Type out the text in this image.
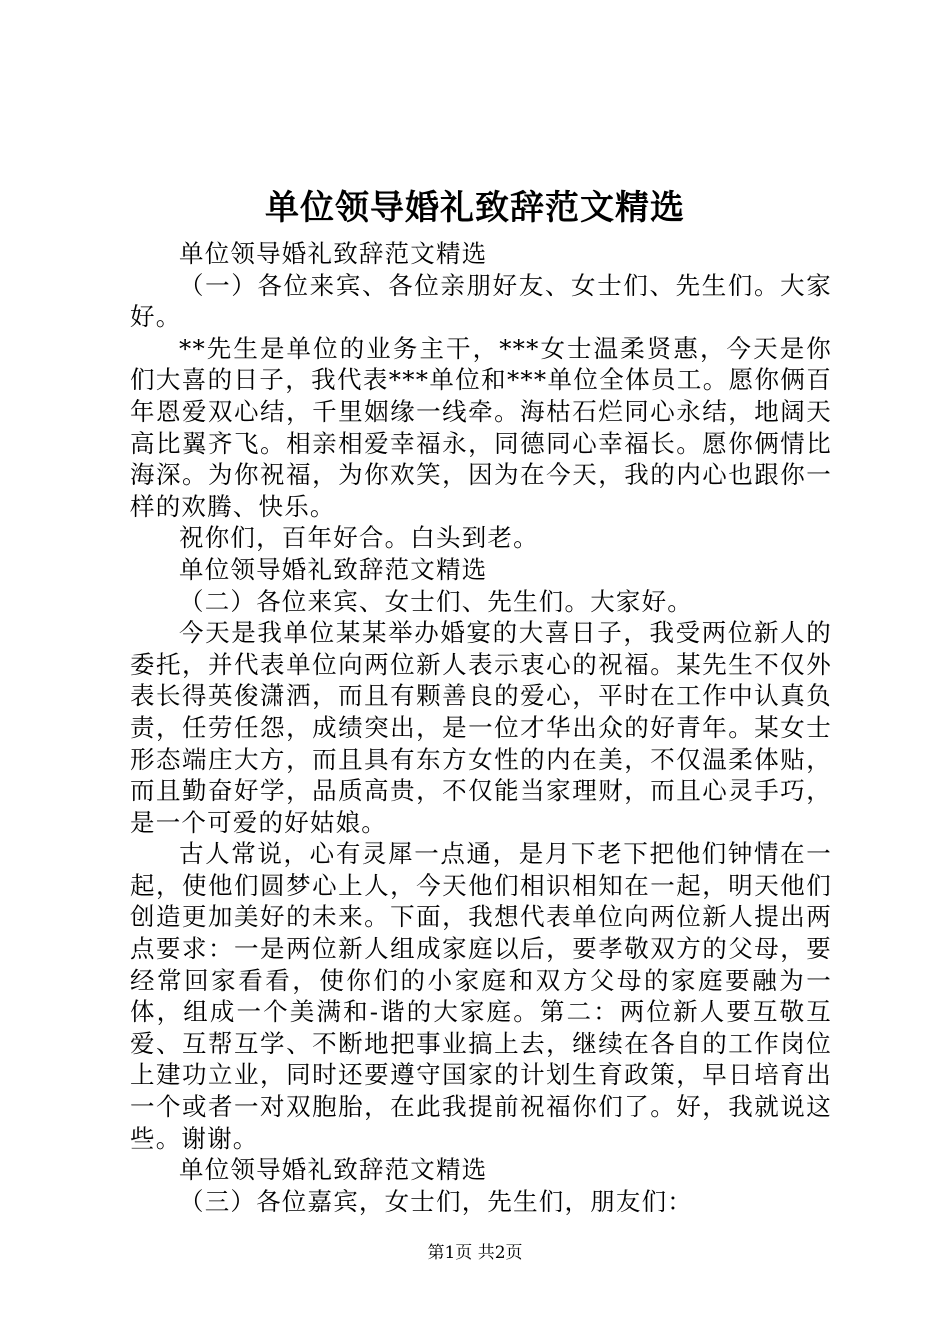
单位领导婚礼致辞范文精选

单位领导婚礼致辞范文精选

（一）各位来宾、各位亲朋好友、女士们、先生们。大家好。

**先生是单位的业务主干，***女士温柔贤惠，今天是你们大喜的日子，我代表***单位和***单位全体员工。愿你俩百年恩爱双心结，千里姻缘一线牵。海枯石烂同心永结，地阔天高比翼齐飞。相亲相爱幸福永，同德同心幸福长。愿你俩情比海深。为你祝福，为你欢笑，因为在今天，我的内心也跟你一样的欢腾、快乐。

祝你们，百年好合。白头到老。

单位领导婚礼致辞范文精选

（二）各位来宾、女士们、先生们。大家好。

今天是我单位某某举办婚宴的大喜日子，我受两位新人的委托，并代表单位向两位新人表示衷心的祝福。某先生不仅外表长得英俊潇洒，而且有颗善良的爱心，平时在工作中认真负责，任劳任怨，成绩突出，是一位才华出众的好青年。某女士形态端庄大方，而且具有东方女性的内在美，不仅温柔体贴，而且勤奋好学，品质高贵，不仅能当家理财，而且心灵手巧，是一个可爱的好姑娘。

古人常说，心有灵犀一点通，是月下老下把他们钟情在一起，使他们圆梦心上人，今天他们相识相知在一起，明天他们创造更加美好的未来。下面，我想代表单位向两位新人提出两点要求：一是两位新人组成家庭以后，要孝敬双方的父母，要经常回家看看，使你们的小家庭和双方父母的家庭要融为一体，组成一个美满和-谐的大家庭。第二：两位新人要互敬互爱、互帮互学、不断地把事业搞上去，继续在各自的工作岗位上建功立业，同时还要遵守国家的计划生育政策，早日培育出一个或者一对双胞胎，在此我提前祝福你们了。好，我就说这些。谢谢。

单位领导婚礼致辞范文精选

（三）各位嘉宾，女士们，先生们，朋友们：

第1页 共2页
